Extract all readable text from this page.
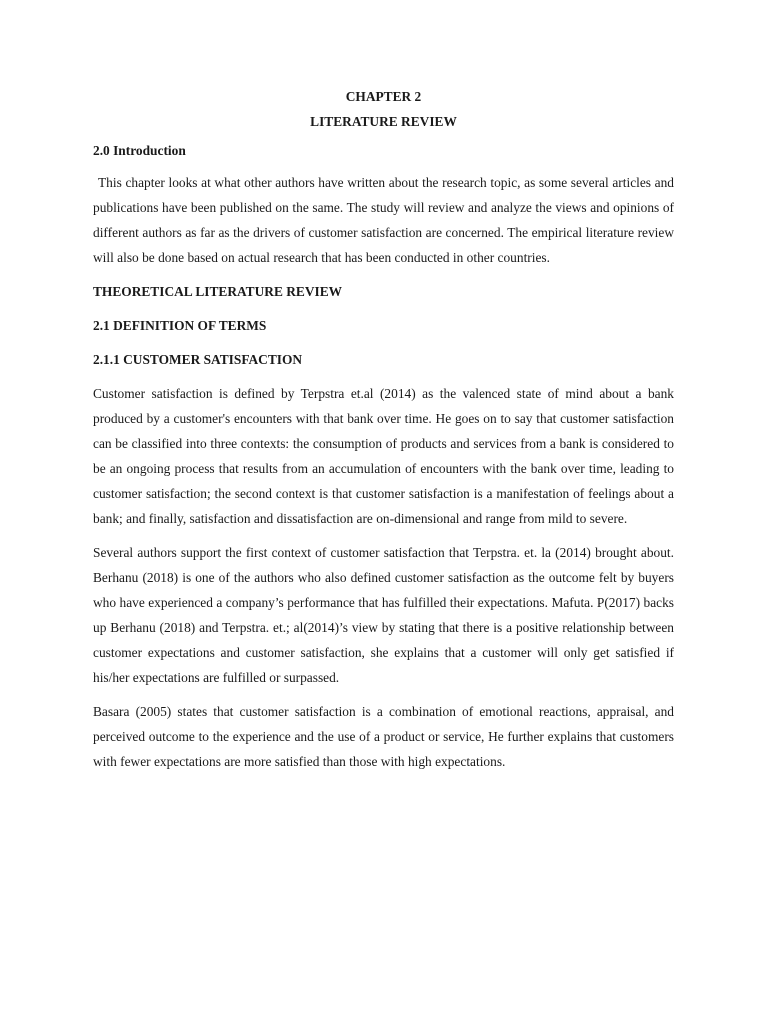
CHAPTER 2
LITERATURE REVIEW
2.0 Introduction

This chapter looks at what other authors have written about the research topic, as some several articles and publications have been published on the same. The study will review and analyze the views and opinions of different authors as far as the drivers of customer satisfaction are concerned. The empirical literature review will also be done based on actual research that has been conducted in other countries.

THEORETICAL LITERATURE REVIEW
2.1 DEFINITION OF TERMS
2.1.1 CUSTOMER SATISFACTION

Customer satisfaction is defined by Terpstra et.al (2014) as the valenced state of mind about a bank produced by a customer's encounters with that bank over time. He goes on to say that customer satisfaction can be classified into three contexts: the consumption of products and services from a bank is considered to be an ongoing process that results from an accumulation of encounters with the bank over time, leading to customer satisfaction; the second context is that customer satisfaction is a manifestation of feelings about a bank; and finally, satisfaction and dissatisfaction are on-dimensional and range from mild to severe.

Several authors support the first context of customer satisfaction that Terpstra. et. la (2014) brought about. Berhanu (2018) is one of the authors who also defined customer satisfaction as the outcome felt by buyers who have experienced a company’s performance that has fulfilled their expectations. Mafuta. P(2017) backs up Berhanu (2018) and Terpstra. et.; al(2014)’s view by stating that there is a positive relationship between customer expectations and customer satisfaction, she explains that a customer will only get satisfied if his/her expectations are fulfilled or surpassed.

Basara (2005) states that customer satisfaction is a combination of emotional reactions, appraisal, and perceived outcome to the experience and the use of a product or service, He further explains that customers with fewer expectations are more satisfied than those with high expectations.
